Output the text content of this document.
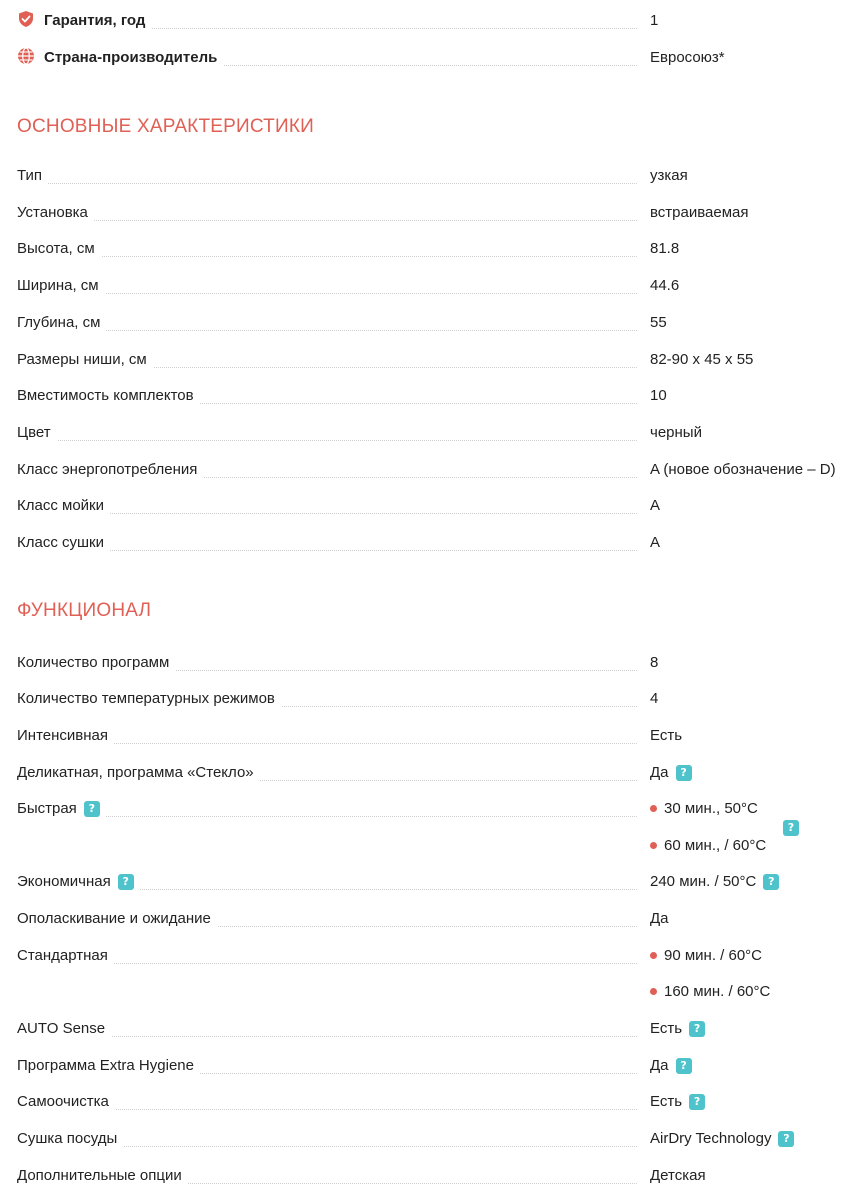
Гарантия, год	1
Страна-производитель	Евросоюз*
ОСНОВНЫЕ ХАРАКТЕРИСТИКИ
Тип	узкая
Установка	встраиваемая
Высота, см	81.8
Ширина, см	44.6
Глубина, см	55
Размеры ниши, см	82-90 х 45 х 55
Вместимость комплектов	10
Цвет	черный
Класс энергопотребления	A (новое обозначение – D)
Класс мойки	A
Класс сушки	A
ФУНКЦИОНАЛ
Количество программ	8
Количество температурных режимов	4
Интенсивная	Есть
Деликатная, программа «Стекло»	Да ?
Быстрая ?	30 мин., 50°C
60 мин., / 60°C
?
Экономичная ?	240 мин. / 50°C ?
Ополаскивание и ожидание	Да
Стандартная	90 мин. / 60°C
160 мин. / 60°C
AUTO Sense	Есть ?
Программа Extra Hygiene	Да ?
Самоочистка	Есть ?
Сушка посуды	AirDry Technology ?
Дополнительные опции	Детская
